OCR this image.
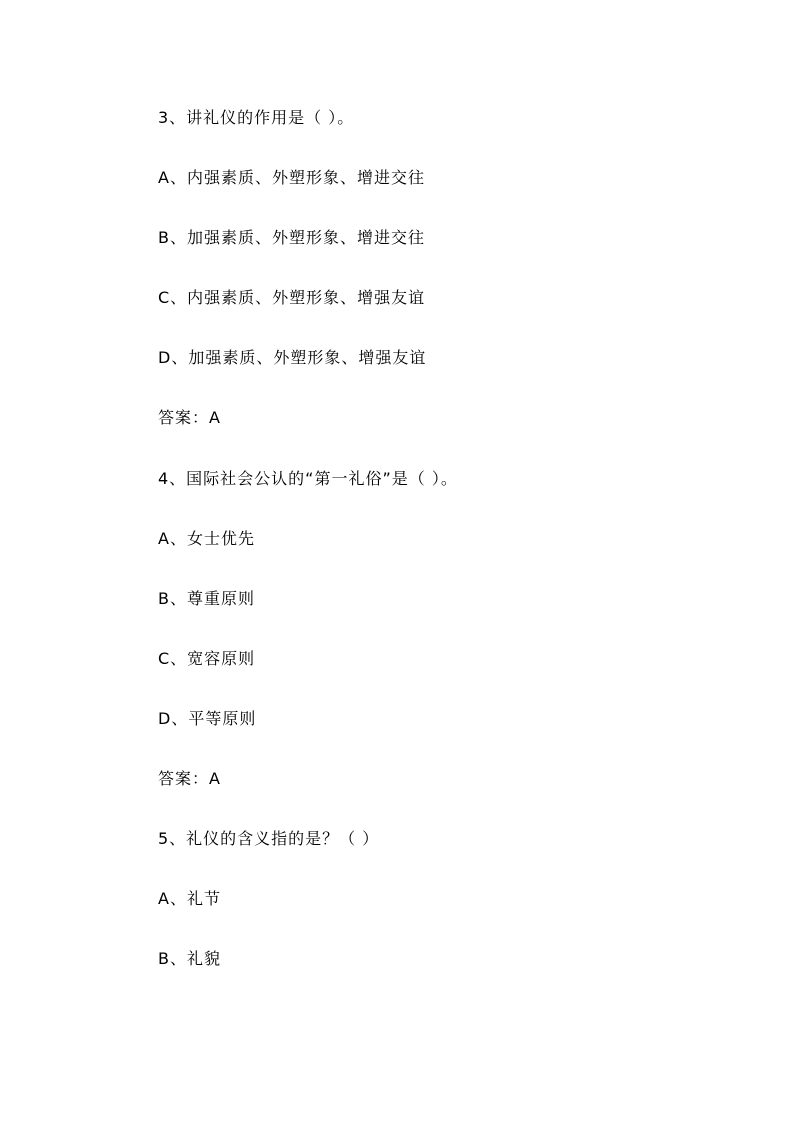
3、讲礼仪的作用是（ ）。
A、内强素质、外塑形象、增进交往
B、加强素质、外塑形象、增进交往
C、内强素质、外塑形象、增强友谊
D、加强素质、外塑形象、增强友谊
答案：A
4、国际社会公认的“第一礼俗”是（ ）。
A、女士优先
B、尊重原则
C、宽容原则
D、平等原则
答案：A
5、礼仪的含义指的是？（ ）
A、礼节
B、礼貌
